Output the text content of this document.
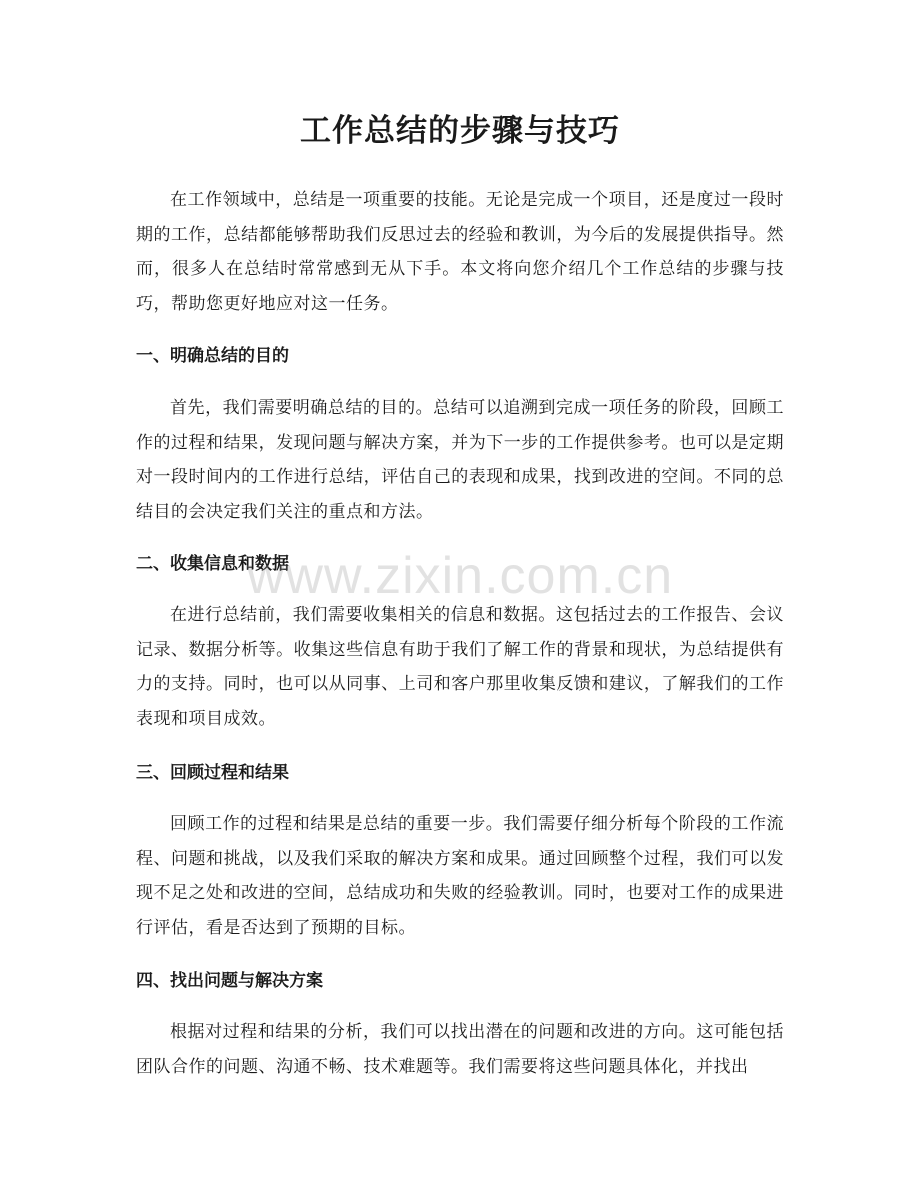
工作总结的步骤与技巧

在工作领域中，总结是一项重要的技能。无论是完成一个项目，还是度过一段时期的工作，总结都能够帮助我们反思过去的经验和教训，为今后的发展提供指导。然而，很多人在总结时常常感到无从下手。本文将向您介绍几个工作总结的步骤与技巧，帮助您更好地应对这一任务。

一、明确总结的目的

首先，我们需要明确总结的目的。总结可以追溯到完成一项任务的阶段，回顾工作的过程和结果，发现问题与解决方案，并为下一步的工作提供参考。也可以是定期对一段时间内的工作进行总结，评估自己的表现和成果，找到改进的空间。不同的总结目的会决定我们关注的重点和方法。

二、收集信息和数据

在进行总结前，我们需要收集相关的信息和数据。这包括过去的工作报告、会议记录、数据分析等。收集这些信息有助于我们了解工作的背景和现状，为总结提供有力的支持。同时，也可以从同事、上司和客户那里收集反馈和建议，了解我们的工作表现和项目成效。

三、回顾过程和结果

回顾工作的过程和结果是总结的重要一步。我们需要仔细分析每个阶段的工作流程、问题和挑战，以及我们采取的解决方案和成果。通过回顾整个过程，我们可以发现不足之处和改进的空间，总结成功和失败的经验教训。同时，也要对工作的成果进行评估，看是否达到了预期的目标。

四、找出问题与解决方案

根据对过程和结果的分析，我们可以找出潜在的问题和改进的方向。这可能包括团队合作的问题、沟通不畅、技术难题等。我们需要将这些问题具体化，并找出

www.zixin.com.cn
